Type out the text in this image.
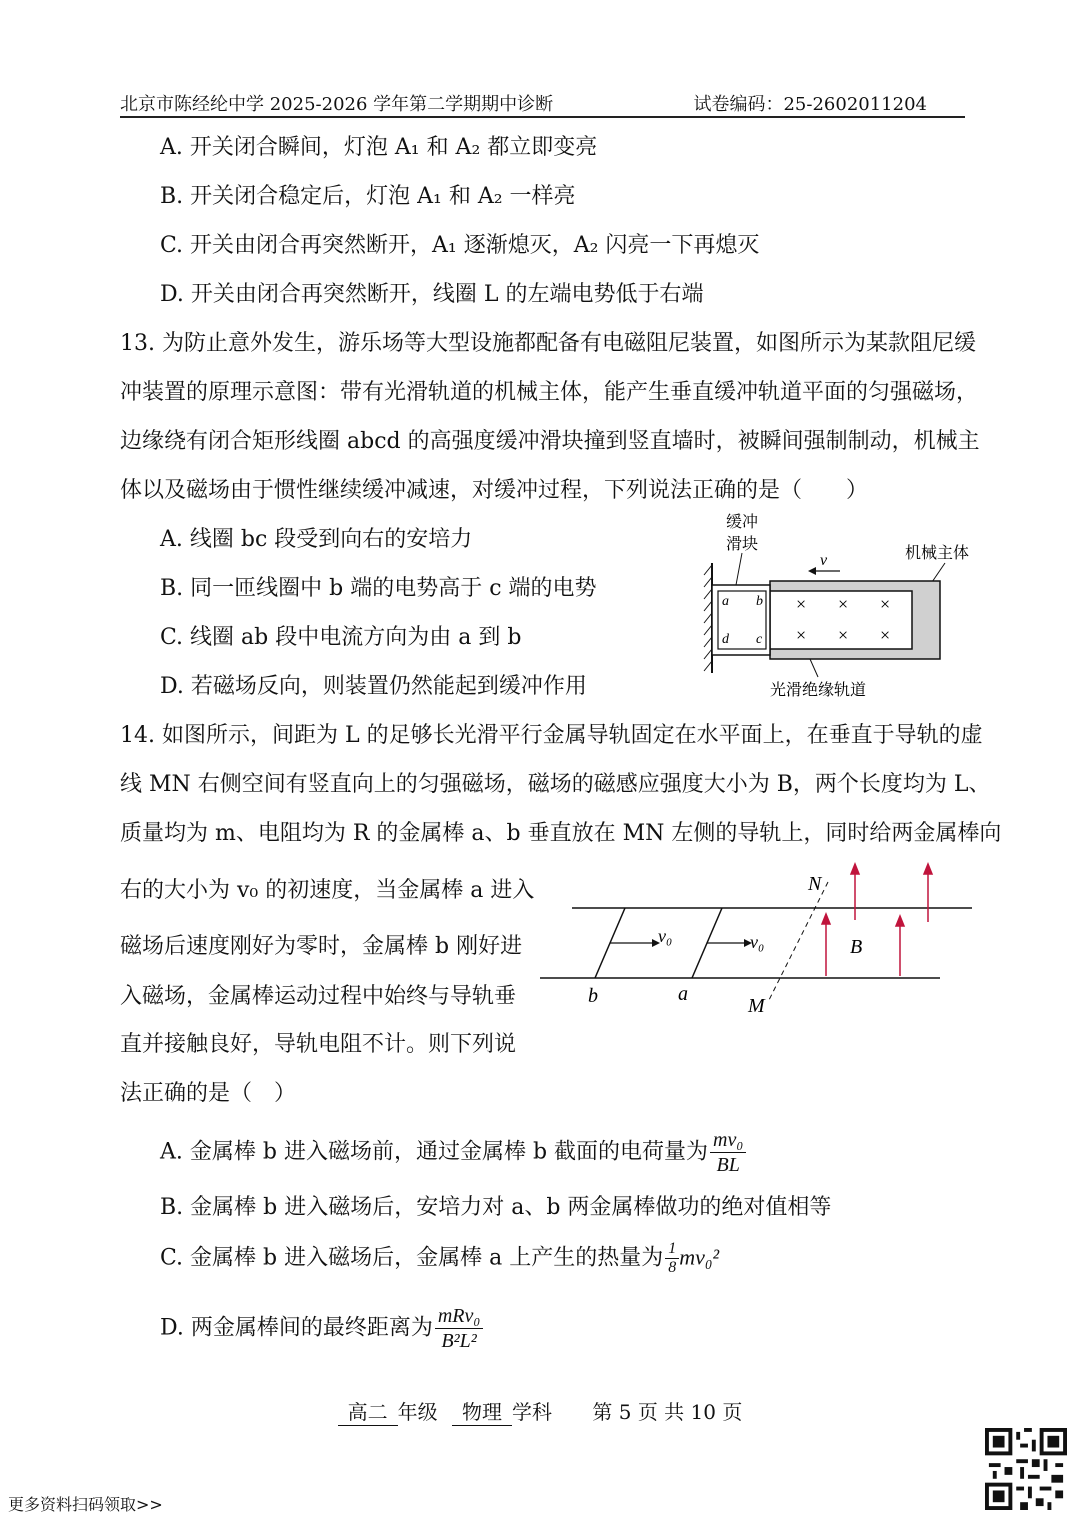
北京市陈经纶中学 2025-2026 学年第二学期期中诊断	试卷编码：25-2602011204
A. 开关闭合瞬间，灯泡 A₁ 和 A₂ 都立即变亮
B. 开关闭合稳定后，灯泡 A₁ 和 A₂ 一样亮
C. 开关由闭合再突然断开，A₁ 逐渐熄灭，A₂ 闪亮一下再熄灭
D. 开关由闭合再突然断开，线圈 L 的左端电势低于右端
13. 为防止意外发生，游乐场等大型设施都配备有电磁阻尼装置，如图所示为某款阻尼缓
冲装置的原理示意图：带有光滑轨道的机械主体，能产生垂直缓冲轨道平面的匀强磁场，
边缘绕有闭合矩形线圈 abcd 的高强度缓冲滑块撞到竖直墙时，被瞬间强制制动，机械主
体以及磁场由于惯性继续缓冲减速，对缓冲过程，下列说法正确的是（　　）
A. 线圈 bc 段受到向右的安培力
B. 同一匝线圈中 b 端的电势高于 c 端的电势
C. 线圈 ab 段中电流方向为由 a 到 b
D. 若磁场反向，则装置仍然能起到缓冲作用
缓冲
滑块
机械主体
a b
c
d
× × ×
× × ×
v
光滑绝缘轨道
14. 如图所示，间距为 L 的足够长光滑平行金属导轨固定在水平面上，在垂直于导轨的虚
线 MN 右侧空间有竖直向上的匀强磁场，磁场的磁感应强度大小为 B，两个长度均为 L、
质量均为 m、电阻均为 R 的金属棒 a、b 垂直放在 MN 左侧的导轨上，同时给两金属棒向
右的大小为 v₀ 的初速度，当金属棒 a 进入
磁场后速度刚好为零时，金属棒 b 刚好进
入磁场，金属棒运动过程中始终与导轨垂
直并接触良好，导轨电阻不计。则下列说
法正确的是（　）
v₀
b
v₀
a
N
M
B
A. 金属棒 b 进入磁场前，通过金属棒 b 截面的电荷量为 $\frac{\text{mv₀}}{BL}$
B. 金属棒 b 进入磁场后，安培力对 a、b 两金属棒做功的绝对值相等
C. 金属棒 b 进入磁场后，金属棒 a 上产生的热量为 $\frac{1}{8} mv_0^2$
D. 两金属棒间的最终距离为 $\frac{\text{mRv₀}}{\text{B²L²}}$
高二 年级 物理 学科 第 5 页 共 10 页
更多资料扫码领取>>
